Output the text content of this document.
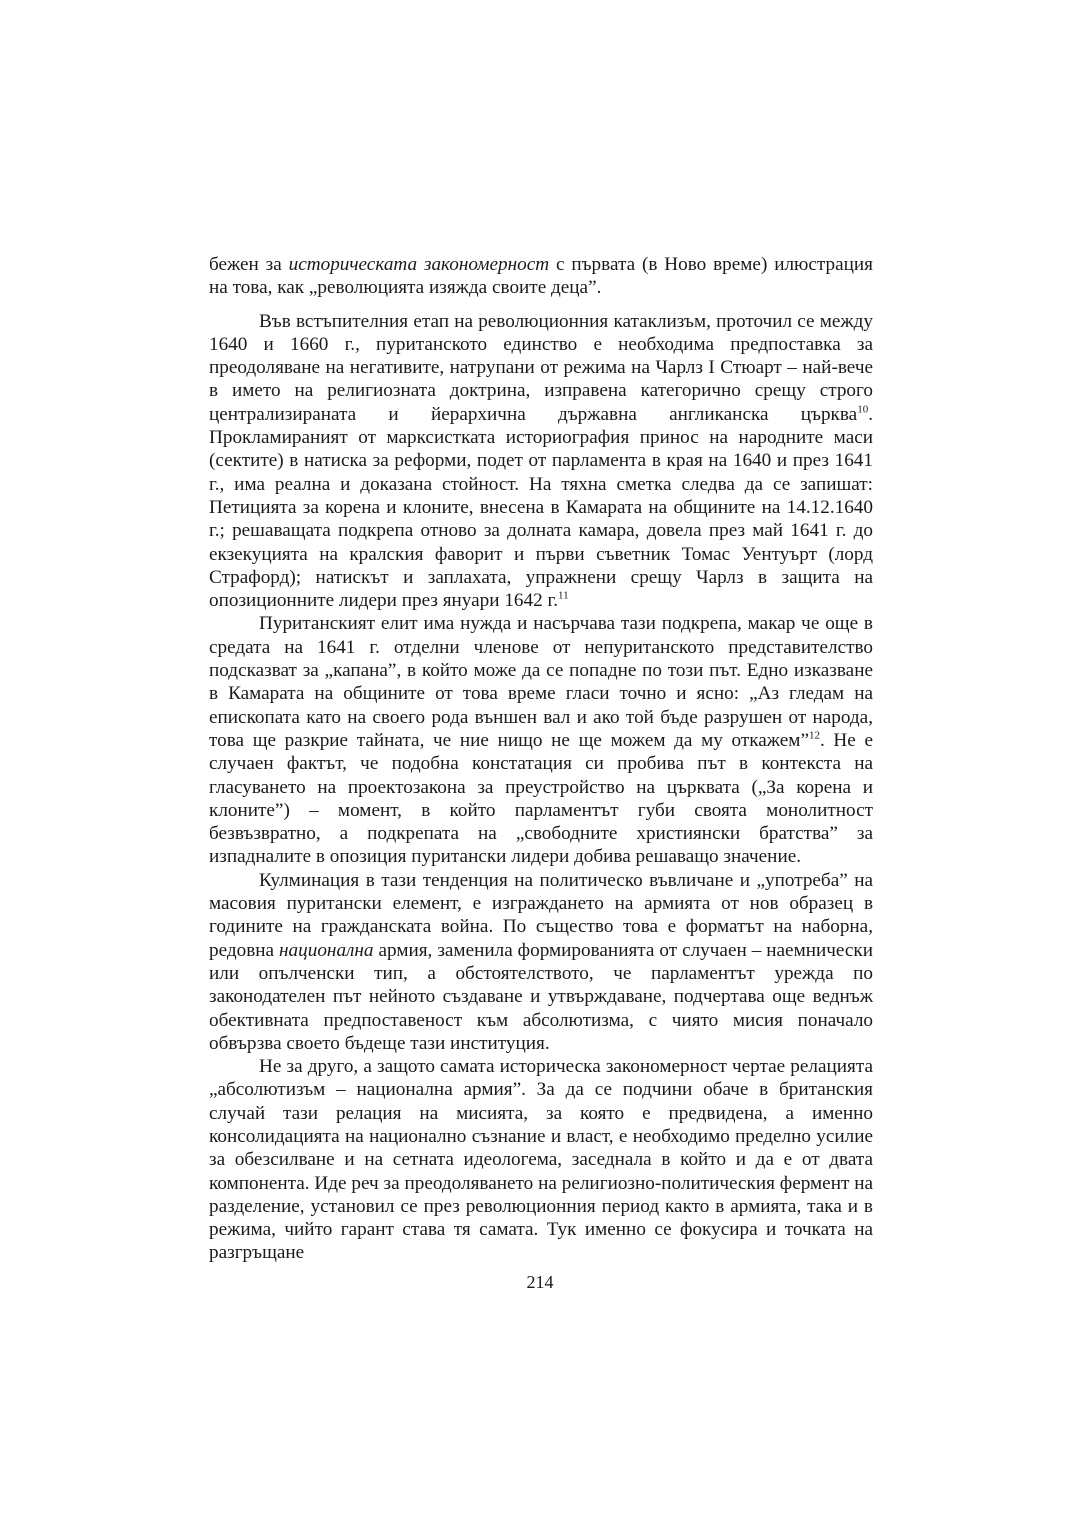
бежен за историческата закономерност с първата (в Ново време) илюстрация на това, как „революцията изяжда своите деца”.

Във встъпителния етап на революционния катаклизъм, проточил се между 1640 и 1660 г., пуританското единство е необходима предпоставка за преодоляване на негативите, натрупани от режима на Чарлз I Стюарт – най-вече в името на религиозната доктрина, изправена категорично срещу строго централизираната и йерархична държавна англиканска църква$^{10}$. Прокламираният от марксистката историография принос на народните маси (сектите) в натиска за реформи, подет от парламента в края на 1640 и през 1641 г., има реална и доказана стойност. На тяхна сметка следва да се запишат: Петицията за корена и клоните, внесена в Камарата на общините на 14.12.1640 г.; решаващата подкрепа отново за долната камара, довела през май 1641 г. до екзекуцията на кралския фаворит и първи съветник Томас Уентуърт (лорд Страфорд); натискът и заплахата, упражнени срещу Чарлз в защита на опозиционните лидери през януари 1642 г.$^{11}$

Пуританският елит има нужда и насърчава тази подкрепа, макар че още в средата на 1641 г. отделни членове от непуританското представителство подсказват за „капана”, в който може да се попадне по този път. Едно изказване в Камарата на общините от това време гласи точно и ясно: „Аз гледам на епископата като на своего рода външен вал и ако той бъде разрушен от народа, това ще разкрие тайната, че ние нищо не ще можем да му откажем”$^{12}$. Не е случаен фактът, че подобна констатация си пробива път в контекста на гласуването на проектозакона за преустройство на църквата („За корена и клоните”) – момент, в който парламентът губи своята монолитност безвъзвратно, а подкрепата на „свободните християнски братства” за изпадналите в опозиция пуритански лидери добива решаващо значение.

Кулминация в тази тенденция на политическо въвличане и „употреба” на масовия пуритански елемент, е изграждането на армията от нов образец в годините на гражданската война. По същество това е форматът на наборна, редовна национална армия, заменила формированията от случаен – наемнически или опълченски тип, а обстоятелството, че парламентът урежда по законодателен път нейното създаване и утвърждаване, подчертава още веднъж обективната предпоставеност към абсолютизма, с чиято мисия поначало обвързва своето бъдеще тази институция.

Не за друго, а защото самата историческа закономерност чертае релацията „абсолютизъм – национална армия”. За да се подчини обаче в британския случай тази релация на мисията, за която е предвидена, а именно консолидацията на национално съзнание и власт, е необходимо пределно усилие за обезсилване и на сетната идеологема, заседнала в който и да е от двата компонента. Иде реч за преодоляването на религиозно-политическия фермент на разделение, установил се през революционния период както в армията, така и в режима, чийто гарант става тя самата. Тук именно се фокусира и точката на разгръщане

214
